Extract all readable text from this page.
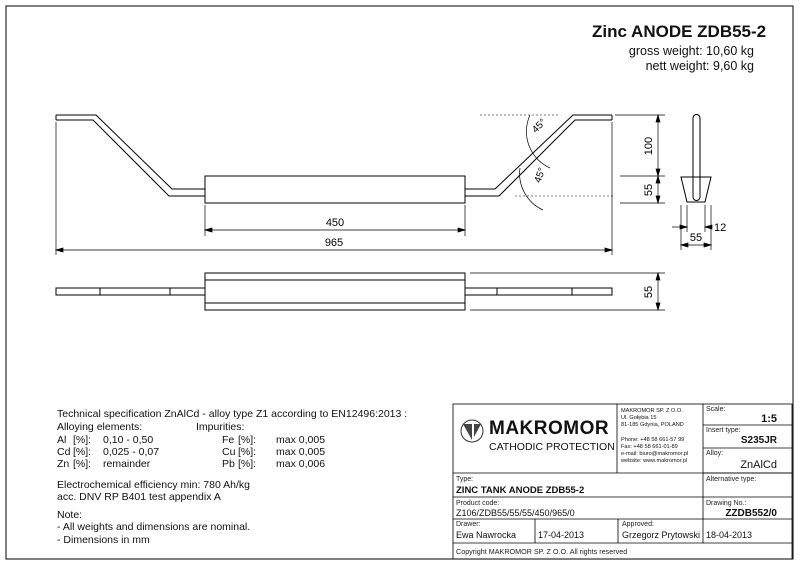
45°
45°
450
965
100
55
12
55
55
Zinc ANODE ZDB55-2
gross weight: 10,60 kg
nett weight: 9,60 kg
Technical specification ZnAlCd - alloy type Z1 according to EN12496:2013 :
Alloying elements:	Impurities:
Al [%]: 0,10 - 0,50
Cd [%]: 0,025 - 0,07
Zn [%]: remainder
Fe [%]: max 0,005
Cu [%]: max 0,005
Pb [%]: max 0,006
Electrochemical efficiency min: 780 Ah/kg
acc. DNV RP B401 test appendix A
Note:
- All weights and dimensions are nominal.
- Dimensions in mm
MAKROMOR
CATHODIC PROTECTION
MAKROMOR SP. Z O.O.
Ul. Gołębia 15
81-185 Gdynia, POLAND
Phone: +48 58 661-57 99
Fax: +48 58 661-01-89
e-mail: biuro@makromor.pl
website: www.makromor.pl
Scale:
1:5
Insert type:
S235JR
Alloy:
ZnAlCd
Alternative type:
Type:
ZINC TANK ANODE ZDB55-2
Drawing No.:
ZZDB552/0
Product code:
Z106/ZDB55/55/55/450/965/0
Drawer:
Ewa Nawrocka 17-04-2013
Approved:
Grzegorz Prytowski 18-04-2013
Copyright MAKROMOR SP. Z O.O. All rights reserved
